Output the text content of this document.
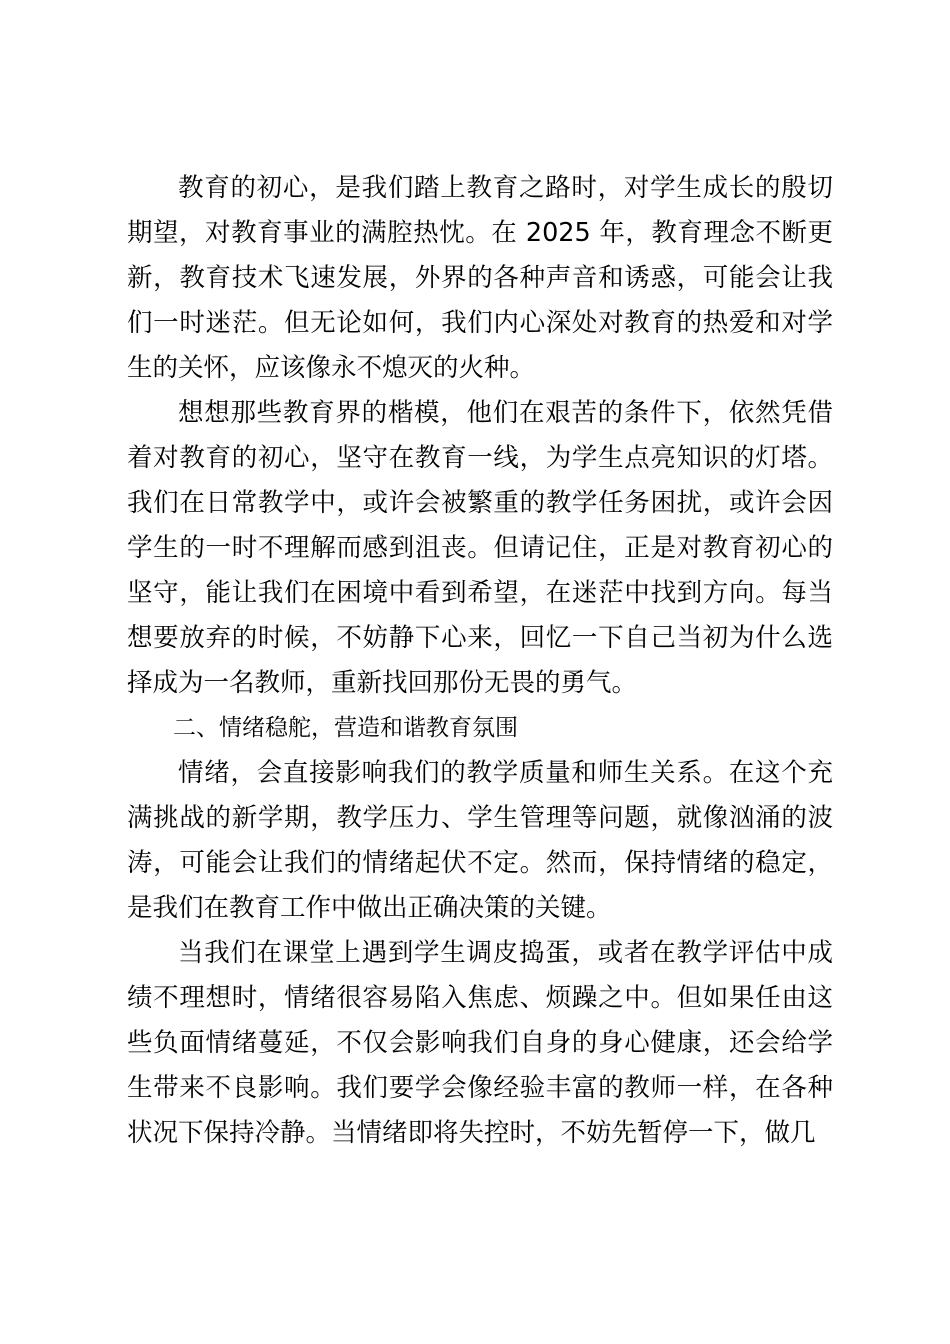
教育的初心，是我们踏上教育之路时，对学生成长的殷切期望，对教育事业的满腔热忱。在 2025 年，教育理念不断更新，教育技术飞速发展，外界的各种声音和诱惑，可能会让我们一时迷茫。但无论如何，我们内心深处对教育的热爱和对学生的关怀，应该像永不熄灭的火种。

想想那些教育界的楷模，他们在艰苦的条件下，依然凭借着对教育的初心，坚守在教育一线，为学生点亮知识的灯塔。我们在日常教学中，或许会被繁重的教学任务困扰，或许会因学生的一时不理解而感到沮丧。但请记住，正是对教育初心的坚守，能让我们在困境中看到希望，在迷茫中找到方向。每当想要放弃的时候，不妨静下心来，回忆一下自己当初为什么选择成为一名教师，重新找回那份无畏的勇气。

二、情绪稳舵，营造和谐教育氛围

情绪，会直接影响我们的教学质量和师生关系。在这个充满挑战的新学期，教学压力、学生管理等问题，就像汹涌的波涛，可能会让我们的情绪起伏不定。然而，保持情绪的稳定，是我们在教育工作中做出正确决策的关键。

当我们在课堂上遇到学生调皮捣蛋，或者在教学评估中成绩不理想时，情绪很容易陷入焦虑、烦躁之中。但如果任由这些负面情绪蔓延，不仅会影响我们自身的身心健康，还会给学生带来不良影响。我们要学会像经验丰富的教师一样，在各种状况下保持冷静。当情绪即将失控时，不妨先暂停一下，做几
